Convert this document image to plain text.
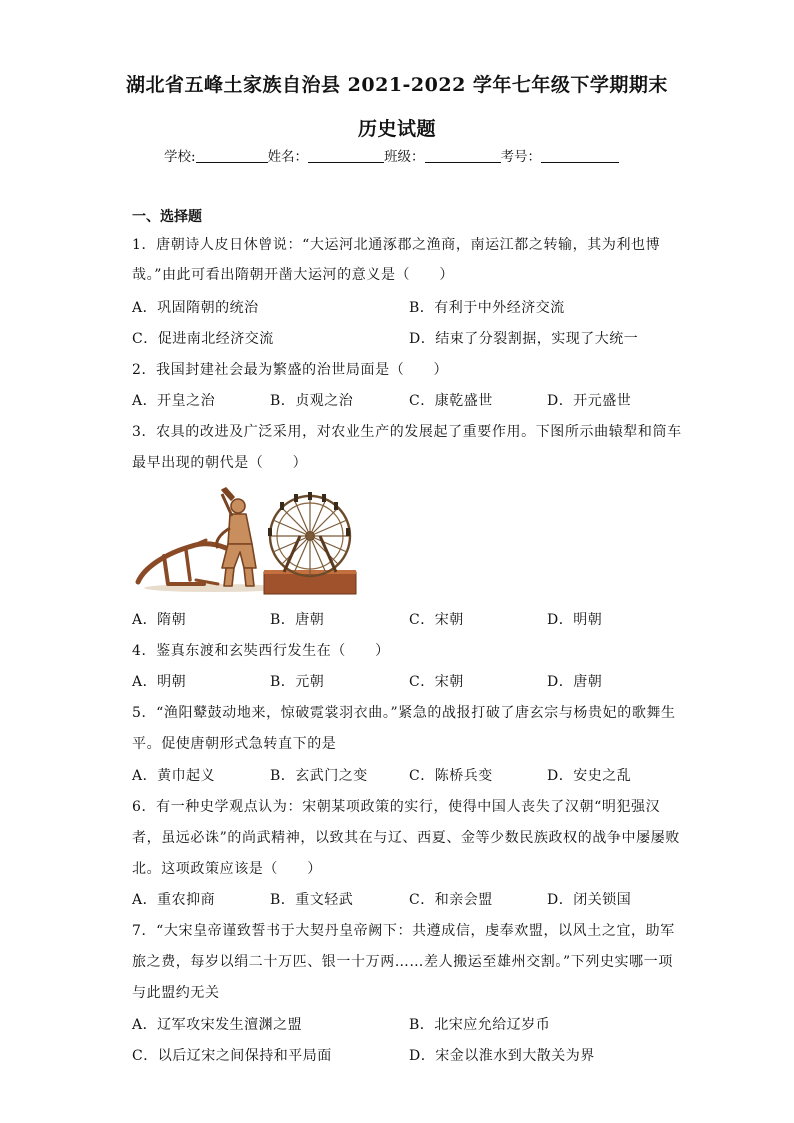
湖北省五峰土家族自治县 2021-2022 学年七年级下学期期末
历史试题
学校:	姓名：	班级：	考号：
一、选择题
1．唐朝诗人皮日休曾说：“大运河北通涿郡之渔商，南运江都之转输，其为利也博
哉。”由此可看出隋朝开凿大运河的意义是（　　）
A．巩固隋朝的统治	B．有利于中外经济交流
C．促进南北经济交流	D．结束了分裂割据，实现了大统一
2．我国封建社会最为繁盛的治世局面是（　　）
A．开皇之治	B．贞观之治	C．康乾盛世	D．开元盛世
3．农具的改进及广泛采用，对农业生产的发展起了重要作用。下图所示曲辕犁和筒车
最早出现的朝代是（　　）
A．隋朝	B．唐朝	C．宋朝	D．明朝
4．鉴真东渡和玄奘西行发生在（　　）
A．明朝	B．元朝	C．宋朝	D．唐朝
5．“渔阳鼙鼓动地来，惊破霓裳羽衣曲。”紧急的战报打破了唐玄宗与杨贵妃的歌舞生
平。促使唐朝形式急转直下的是
A．黄巾起义	B．玄武门之变	C．陈桥兵变	D．安史之乱
6．有一种史学观点认为：宋朝某项政策的实行，使得中国人丧失了汉朝“明犯强汉
者，虽远必诛”的尚武精神，以致其在与辽、西夏、金等少数民族政权的战争中屡屡败
北。这项政策应该是（　　）
A．重农抑商	B．重文轻武	C．和亲会盟	D．闭关锁国
7．“大宋皇帝谨致誓书于大契丹皇帝阙下：共遵成信，虔奉欢盟，以风土之宜，助军
旅之费，每岁以绢二十万匹、银一十万两……差人搬运至雄州交割。”下列史实哪一项
与此盟约无关
A．辽军攻宋发生澶渊之盟	B．北宋应允给辽岁币
C．以后辽宋之间保持和平局面	D．宋金以淮水到大散关为界
